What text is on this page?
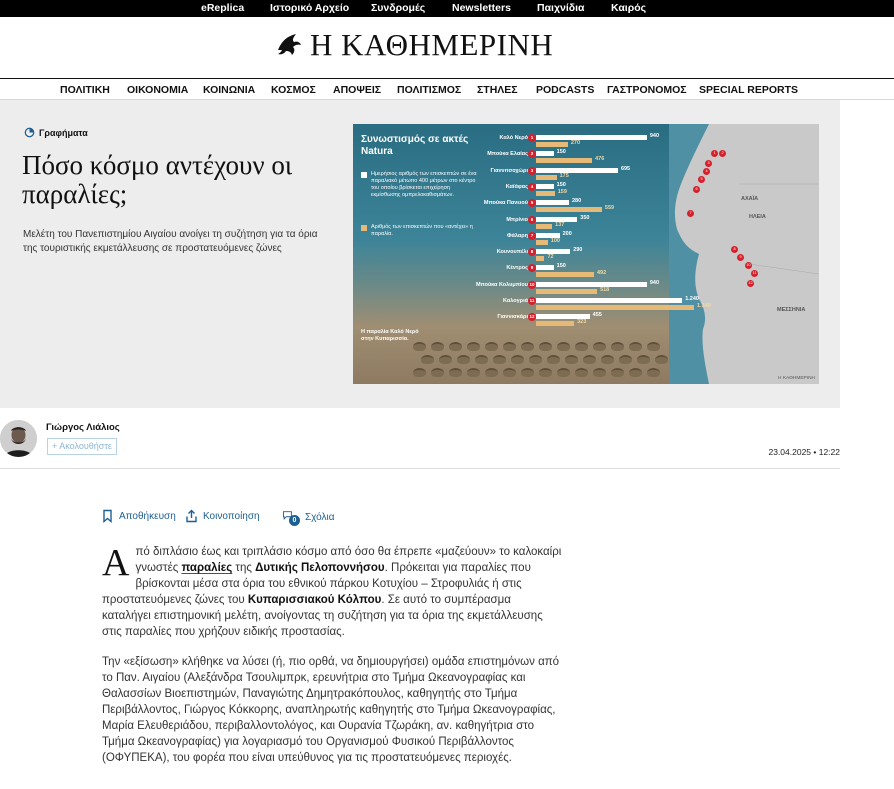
eReplica Ιστορικό Αρχείο Συνδρομές	Newsletters Παιχνίδια	Καιρός
Η ΚΑΘΗΜΕΡΙΝΗ
ΠΟΛΙΤΙΚΗ ΟΙΚΟΝΟΜΙΑ ΚΟΙΝΩΝΙΑ ΚΟΣΜΟΣ ΑΠΟΨΕΙΣ ΠΟΛΙΤΙΣΜΟΣ ΣΤΗΛΕΣ PODCASTS ΓΑΣΤΡΟΝΟΜΟΣ SPECIAL REPORTS
Γραφήματα
Πόσο κόσμο αντέχουν οι παραλίες;

Μελέτη του Πανεπιστημίου Αιγαίου ανοίγει τη συζήτηση για τα όρια της τουριστικής εκμετάλλευσης σε προστατευόμενες ζώνες

ΑΧΑΪΑ
ΗΛΕΙΑ
ΜΕΣΣΗΝΙΑ
Συνωστισμός σε ακτές Natura
Ημερήσιος αριθμός των επισκεπτών σε ένα παραλιακό μέτωπο 400 μέτρων στο κέντρο του οποίου βρίσκεται επιχείρηση εκμίσθωσης ομπρελοκαθισμάτων.
Αριθμός των επισκεπτών που «αντέχει» η παραλία.
Καλό Νερό 1	940
270
Μπούκα Ελαίας 2	150
476
Γιαννιτσοχώρι 3	695
175
Καϊάφας 4	150
159
Μπούκα Πανειού 5	280
559
Μπρίνιο 6	350
137
Φάλαρη 7	200
100
Κουνουπέλι 8	290
72
Κέντρος 9	150
492
Μπούκα Κολυμπίου 10	940
518
Καλογριά 11	1.240
1.340
Γιαννισκάρι 12	455
323
1	2
3
4
5
6
7
8
9
10
11
12
Η παραλία Καλό Νερό στην Κυπαρισσία.
Η ΚΑΘΗΜΕΡΙΝΗ
Γιώργος Λιάλιος
+ Ακολουθήστε
23.04.2025 • 12:22
Αποθήκευση	Κοινοποίηση	0 Σχόλια

Α πό διπλάσιο έως και τριπλάσιο κόσμο από όσο θα έπρεπε «μαζεύουν» το καλοκαίρι γνωστές παραλίες της Δυτικής Πελοποννήσου. Πρόκειται για παραλίες που βρίσκονται μέσα στα όρια του εθνικού πάρκου Κοτυχίου – Στροφυλιάς ή στις προστατευόμενες ζώνες του Κυπαρισσιακού Κόλπου. Σε αυτό το συμπέρασμα καταλήγει επιστημονική μελέτη, ανοίγοντας τη συζήτηση για τα όρια της εκμετάλλευσης στις παραλίες που χρήζουν ειδικής προστασίας.

Την «εξίσωση» κλήθηκε να λύσει (ή, πιο ορθά, να δημιουργήσει) ομάδα επιστημόνων από το Παν. Αιγαίου (Αλεξάνδρα Τσουλιμπρκ, ερευνήτρια στο Τμήμα Ωκεανογραφίας και Θαλασσίων Βιοεπιστημών, Παναγιώτης Δημητρακόπουλος, καθηγητής στο Τμήμα Περιβάλλοντος, Γιώργος Κόκκορης, αναπληρωτής καθηγητής στο Τμήμα Ωκεανογραφίας, Μαρία Ελευθεριάδου, περιβαλλοντολόγος, και Ουρανία Τζωράκη, αν. καθηγήτρια στο Τμήμα Ωκεανογραφίας) για λογαριασμό του Οργανισμού Φυσικού Περιβάλλοντος (ΟΦΥΠΕΚΑ), του φορέα που είναι υπεύθυνος για τις προστατευόμενες περιοχές.
